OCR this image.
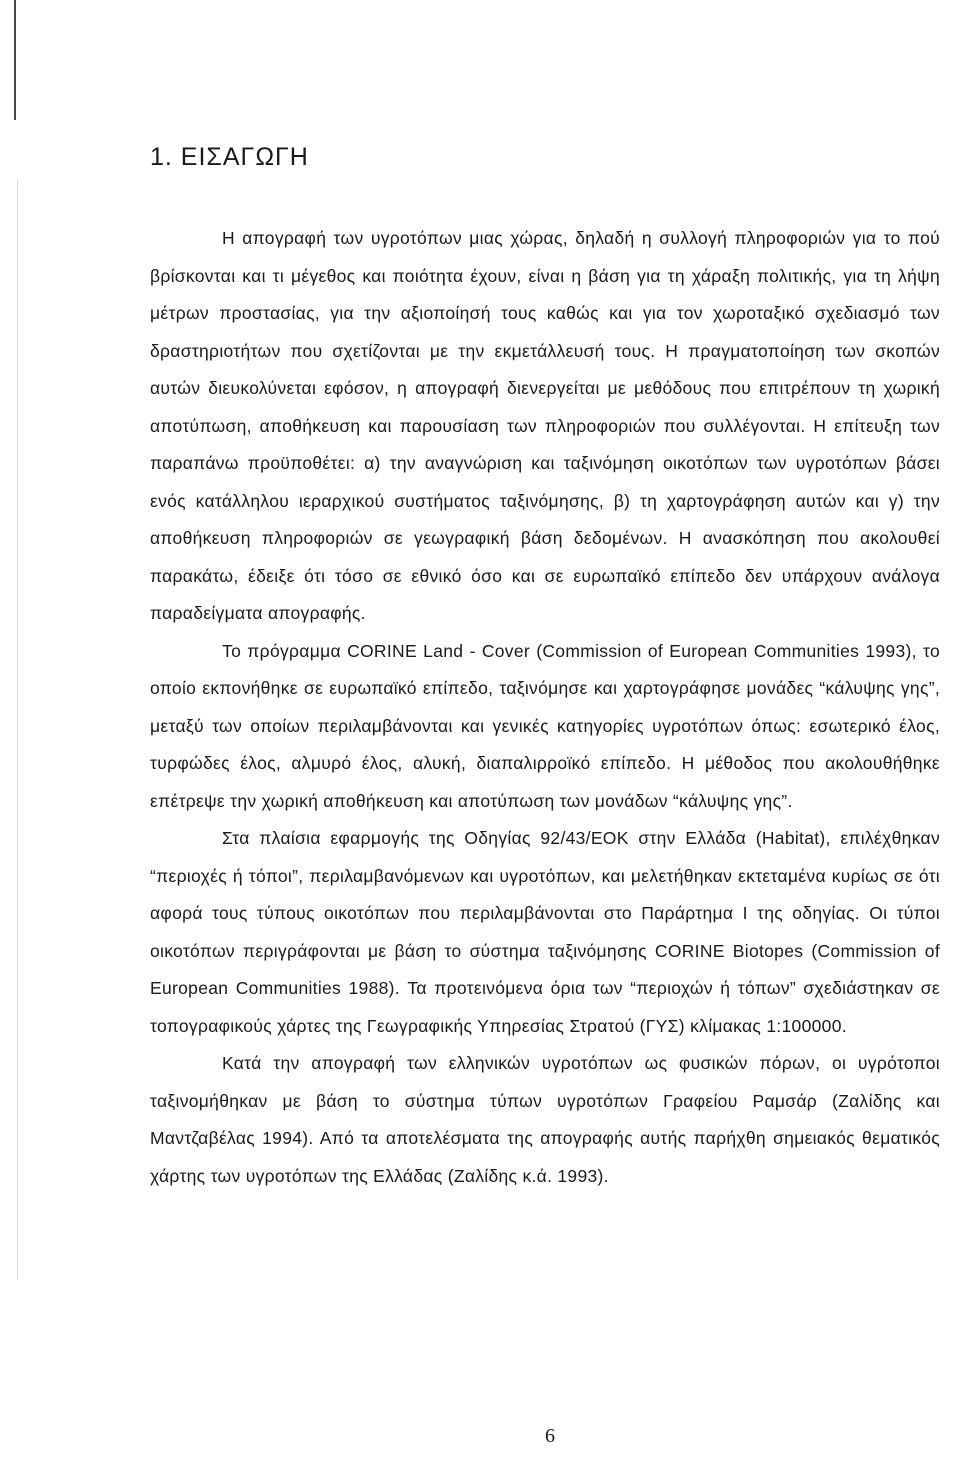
1. ΕΙΣΑΓΩΓΗ

Η απογραφή των υγροτόπων μιας χώρας, δηλαδή η συλλογή πληροφοριών για το πού βρίσκονται και τι μέγεθος και ποιότητα έχουν, είναι η βάση για τη χάραξη πολιτικής, για τη λήψη μέτρων προστασίας, για την αξιοποίησή τους καθώς και για τον χωροταξικό σχεδιασμό των δραστηριοτήτων που σχετίζονται με την εκμετάλλευσή τους. Η πραγματοποίηση των σκοπών αυτών διευκολύνεται εφόσον, η απογραφή διενεργείται με μεθόδους που επιτρέπουν τη χωρική αποτύπωση, αποθήκευση και παρουσίαση των πληροφοριών που συλλέγονται. Η επίτευξη των παραπάνω προϋποθέτει: α) την αναγνώριση και ταξινόμηση οικοτόπων των υγροτόπων βάσει ενός κατάλληλου ιεραρχικού συστήματος ταξινόμησης, β) τη χαρτογράφηση αυτών και γ) την αποθήκευση πληροφοριών σε γεωγραφική βάση δεδομένων. Η ανασκόπηση που ακολουθεί παρακάτω, έδειξε ότι τόσο σε εθνικό όσο και σε ευρωπαϊκό επίπεδο δεν υπάρχουν ανάλογα παραδείγματα απογραφής.

Το πρόγραμμα CORINE Land - Cover (Commission of European Communities 1993), το οποίο εκπονήθηκε σε ευρωπαϊκό επίπεδο, ταξινόμησε και χαρτογράφησε μονάδες “κάλυψης γης”, μεταξύ των οποίων περιλαμβάνονται και γενικές κατηγορίες υγροτόπων όπως: εσωτερικό έλος, τυρφώδες έλος, αλμυρό έλος, αλυκή, διαπαλιρροϊκό επίπεδο. Η μέθοδος που ακολουθήθηκε επέτρεψε την χωρική αποθήκευση και αποτύπωση των μονάδων “κάλυψης γης”.

Στα πλαίσια εφαρμογής της Οδηγίας 92/43/ΕΟΚ στην Ελλάδα (Habitat), επιλέχθηκαν “περιοχές ή τόποι”, περιλαμβανόμενων και υγροτόπων, και μελετήθηκαν εκτεταμένα κυρίως σε ότι αφορά τους τύπους οικοτόπων που περιλαμβάνονται στο Παράρτημα Ι της οδηγίας. Οι τύποι οικοτόπων περιγράφονται με βάση το σύστημα ταξινόμησης CORINE Biotopes (Commission of European Communities 1988). Τα προτεινόμενα όρια των “περιοχών ή τόπων” σχεδιάστηκαν σε τοπογραφικούς χάρτες της Γεωγραφικής Υπηρεσίας Στρατού (ΓΥΣ) κλίμακας 1:100000.

Κατά την απογραφή των ελληνικών υγροτόπων ως φυσικών πόρων, οι υγρότοποι ταξινομήθηκαν με βάση το σύστημα τύπων υγροτόπων Γραφείου Ραμσάρ (Ζαλίδης και Μαντζαβέλας 1994). Από τα αποτελέσματα της απογραφής αυτής παρήχθη σημειακός θεματικός χάρτης των υγροτόπων της Ελλάδας (Ζαλίδης κ.ά. 1993).

6
